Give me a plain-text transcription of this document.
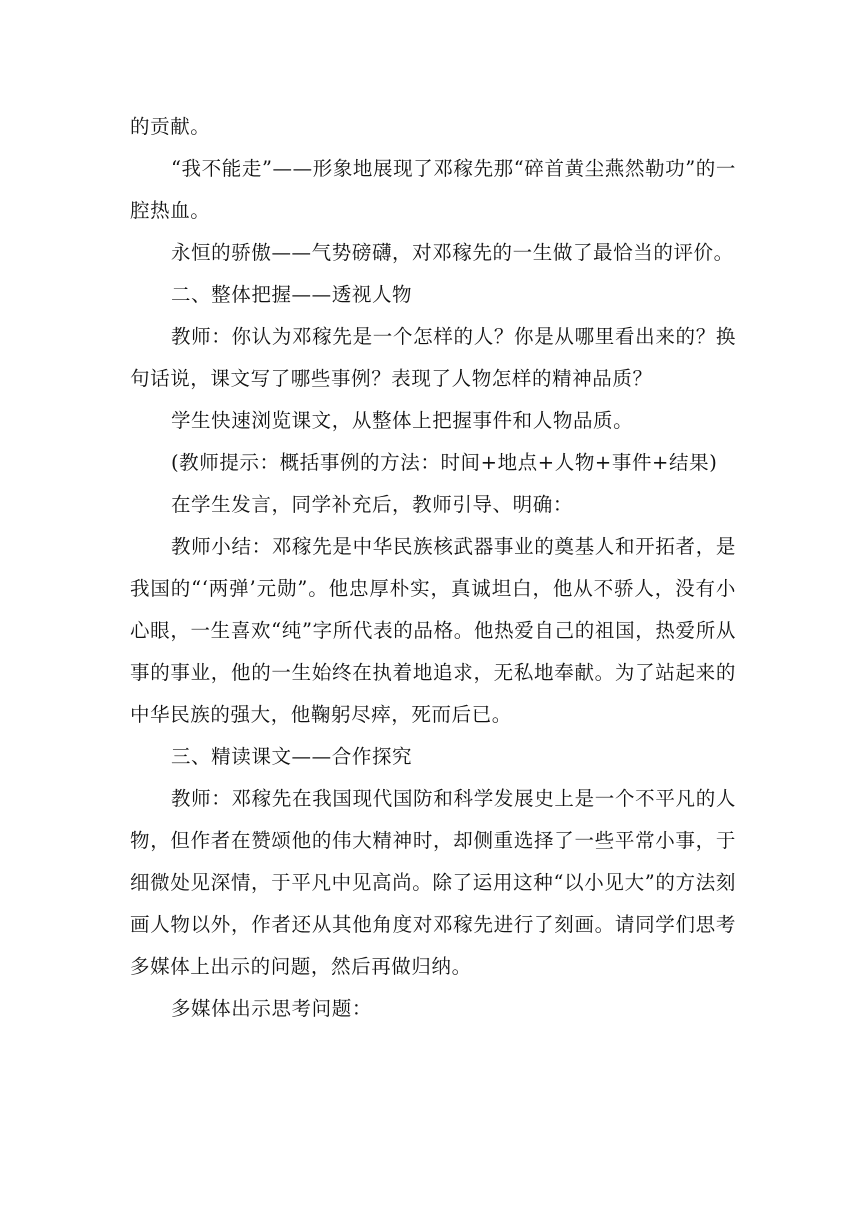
的贡献。

“我不能走”——形象地展现了邓稼先那“碎首黄尘燕然勒功”的一腔热血。

永恒的骄傲——气势磅礴，对邓稼先的一生做了最恰当的评价。

二、整体把握——透视人物

教师：你认为邓稼先是一个怎样的人？你是从哪里看出来的？换句话说，课文写了哪些事例？表现了人物怎样的精神品质？

学生快速浏览课文，从整体上把握事件和人物品质。

(教师提示：概括事例的方法：时间+地点+人物+事件+结果)

在学生发言，同学补充后，教师引导、明确：

教师小结：邓稼先是中华民族核武器事业的奠基人和开拓者，是我国的“‘两弹’元勋”。他忠厚朴实，真诚坦白，他从不骄人，没有小心眼，一生喜欢“纯”字所代表的品格。他热爱自己的祖国，热爱所从事的事业，他的一生始终在执着地追求，无私地奉献。为了站起来的中华民族的强大，他鞠躬尽瘁，死而后已。

三、精读课文——合作探究

教师：邓稼先在我国现代国防和科学发展史上是一个不平凡的人物，但作者在赞颂他的伟大精神时，却侧重选择了一些平常小事，于细微处见深情，于平凡中见高尚。除了运用这种“以小见大”的方法刻画人物以外，作者还从其他角度对邓稼先进行了刻画。请同学们思考多媒体上出示的问题，然后再做归纳。

多媒体出示思考问题：
